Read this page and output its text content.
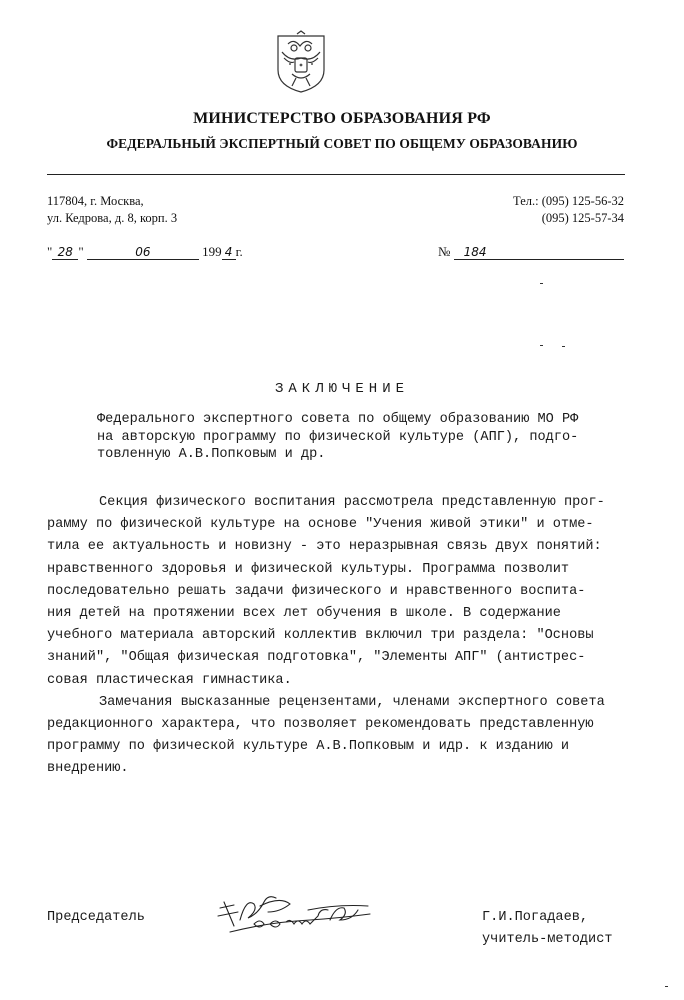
МИНИСТЕРСТВО ОБРАЗОВАНИЯ РФ
ФЕДЕРАЛЬНЫЙ ЭКСПЕРТНЫЙ СОВЕТ ПО ОБЩЕМУ ОБРАЗОВАНИЮ
117804, г. Москва,
ул. Кедрова, д. 8, корп. 3
Тел.: (095) 125-56-32
(095) 125-57-34
" 28 "	06	199 4 г.	№ 184
ЗАКЛЮЧЕНИЕ
Федерального экспертного совета по общему образованию МО РФ
на авторскую программу по физической культуре (АПГ), подго-
товленную А.В.Попковым и др.
Секция физического воспитания рассмотрела представленную прог-
рамму по физической культуре на основе "Учения живой этики" и отме-
тила ее актуальность и новизну - это неразрывная связь двух понятий:
нравственного здоровья и физической культуры. Программа позволит
последовательно решать задачи физического и нравственного воспита-
ния детей на протяжении всех лет обучения в школе. В содержание
учебного материала авторский коллектив включил три раздела: "Основы
знаний", "Общая физическая подготовка", "Элементы АПГ" (антистрес-
совая пластическая гимнастика.
Замечания высказанные рецензентами, членами экспертного совета
редакционного характера, что позволяет рекомендовать представленную
программу по физической культуре А.В.Попковым и идр. к изданию и
внедрению.
Председатель	Г.И.Погадаев,
учитель-методист
